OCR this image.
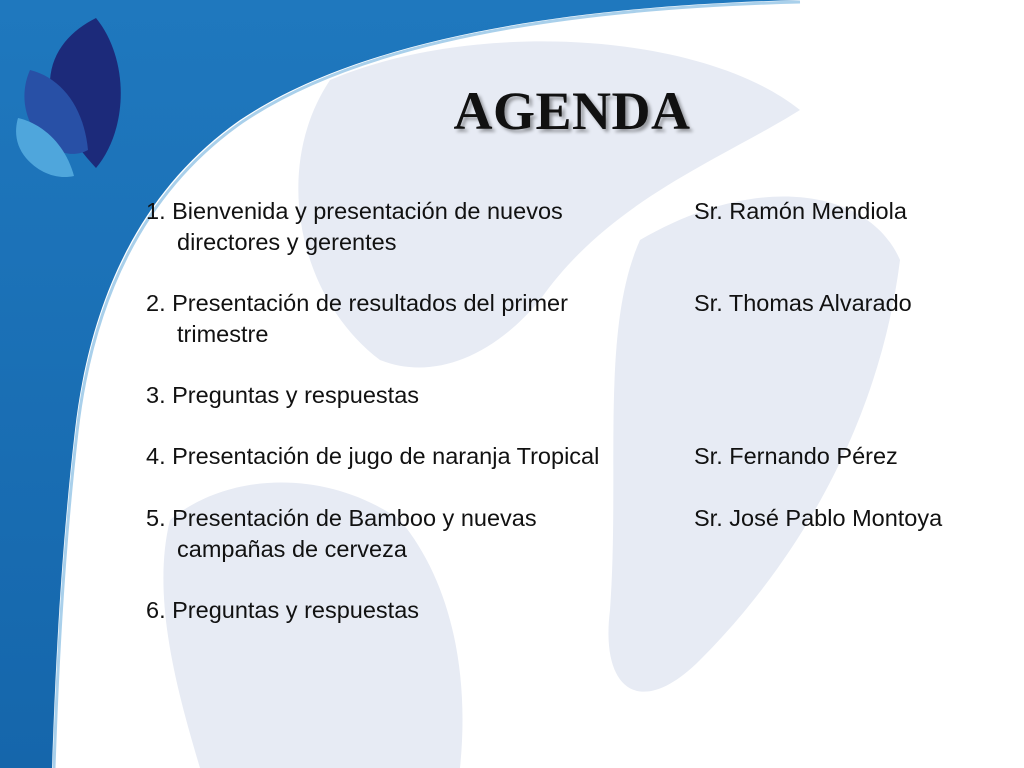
AGENDA
1. Bienvenida y presentación de nuevos
directores y gerentes
Sr. Ramón Mendiola
2. Presentación de resultados del primer
trimestre
Sr. Thomas Alvarado
3. Preguntas y respuestas
4. Presentación de jugo de naranja Tropical	Sr. Fernando Pérez
5. Presentación de Bamboo y nuevas
campañas de cerveza
Sr. José Pablo Montoya
6. Preguntas y respuestas
